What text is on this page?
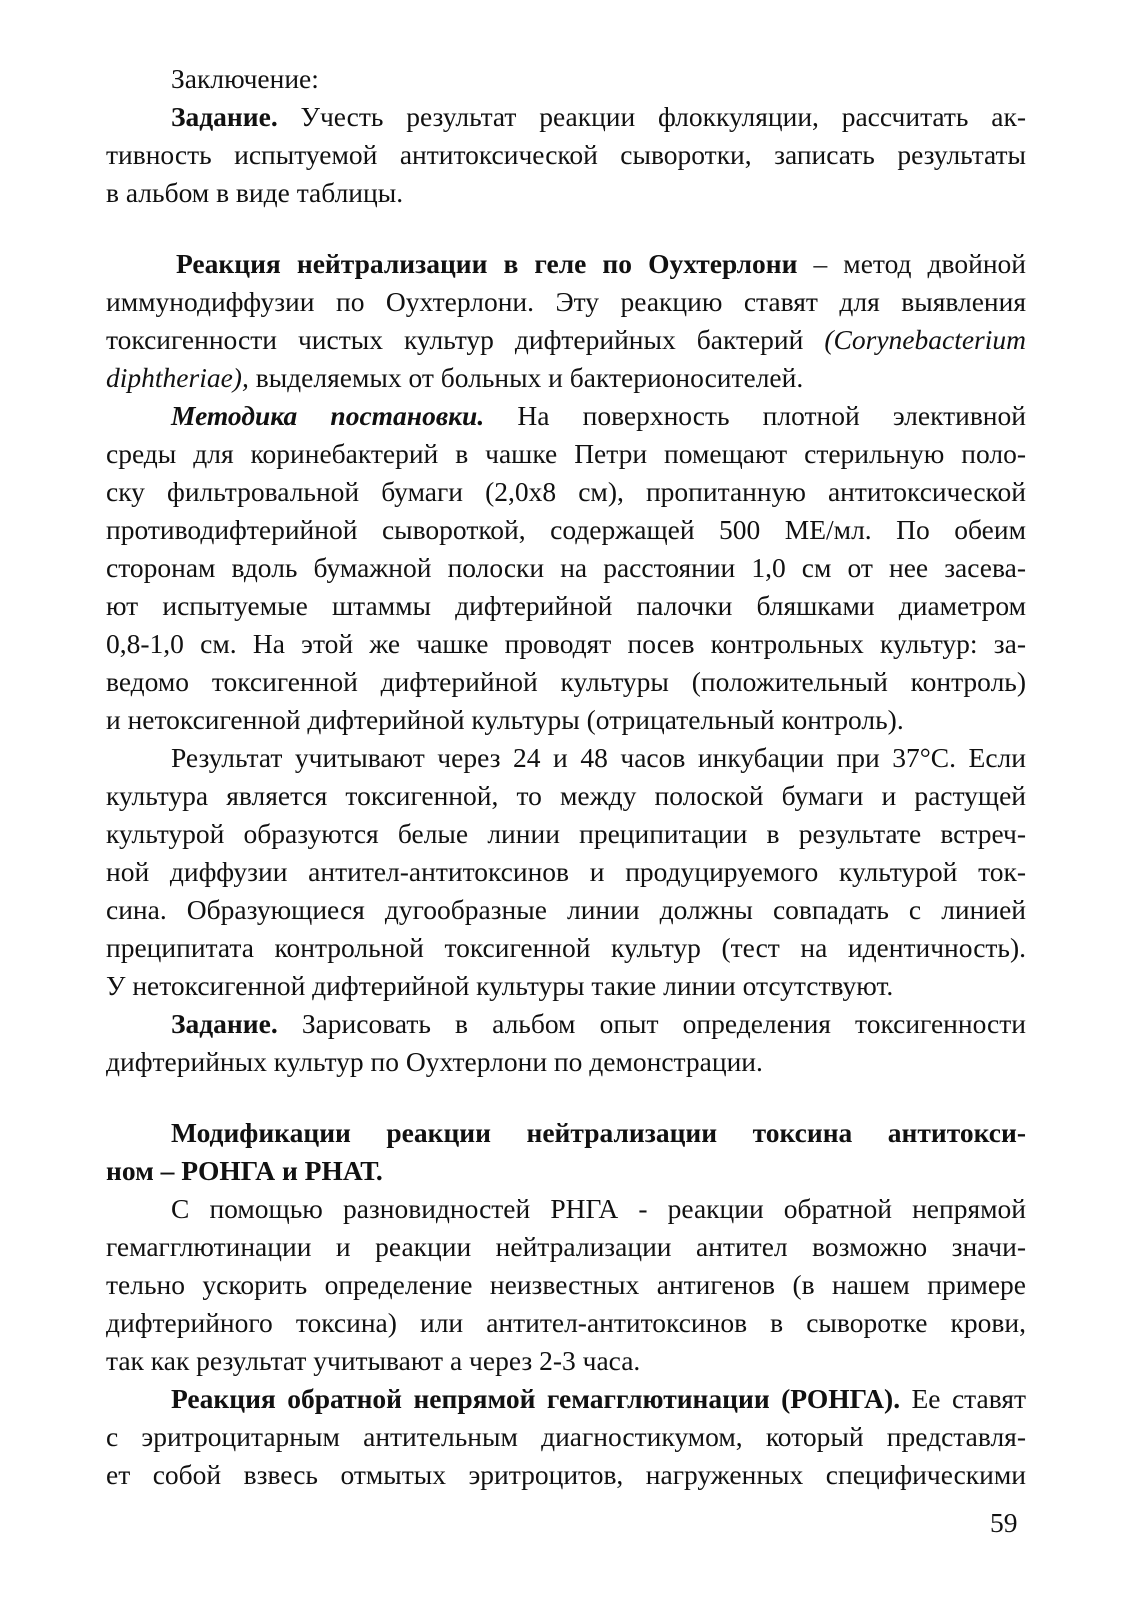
Заключение:
Задание. Учесть результат реакции флоккуляции, рассчитать ак-
тивность испытуемой антитоксической сыворотки, записать результаты
в альбом в виде таблицы.
Реакция нейтрализации в геле по Оухтерлони – метод двойной
иммунодиффузии по Оухтерлони. Эту реакцию ставят для выявления
токсигенности чистых культур дифтерийных бактерий (Corynebacterium
diphtheriae), выделяемых от больных и бактерионосителей.
Методика постановки. На поверхность плотной элективной
среды для коринебактерий в чашке Петри помещают стерильную поло-
ску фильтровальной бумаги (2,0х8 см), пропитанную антитоксической
противодифтерийной сывороткой, содержащей 500 МЕ/мл. По обеим
сторонам вдоль бумажной полоски на расстоянии 1,0 см от нее засева-
ют испытуемые штаммы дифтерийной палочки бляшками диаметром
0,8-1,0 см. На этой же чашке проводят посев контрольных культур: за-
ведомо токсигенной дифтерийной культуры (положительный контроль)
и нетоксигенной дифтерийной культуры (отрицательный контроль).
Результат учитывают через 24 и 48 часов инкубации при 37°С. Если
культура является токсигенной, то между полоской бумаги и растущей
культурой образуются белые линии преципитации в результате встреч-
ной диффузии антител-антитоксинов и продуцируемого культурой ток-
сина. Образующиеся дугообразные линии должны совпадать с линией
преципитата контрольной токсигенной культур (тест на идентичность).
У нетоксигенной дифтерийной культуры такие линии отсутствуют.
Задание. Зарисовать в альбом опыт определения токсигенности
дифтерийных культур по Оухтерлони по демонстрации.
Модификации реакции нейтрализации токсина антитокси-
ном – РОНГА и РНАТ.
С помощью разновидностей РНГА - реакции обратной непрямой
гемагглютинации и реакции нейтрализации антител возможно значи-
тельно ускорить определение неизвестных антигенов (в нашем примере
дифтерийного токсина) или антител-антитоксинов в сыворотке крови,
так как результат учитывают а через 2-3 часа.
Реакция обратной непрямой гемагглютинации (РОНГА). Ее ставят
с эритроцитарным антительным диагностикумом, который представля-
ет собой взвесь отмытых эритроцитов, нагруженных специфическими
59
